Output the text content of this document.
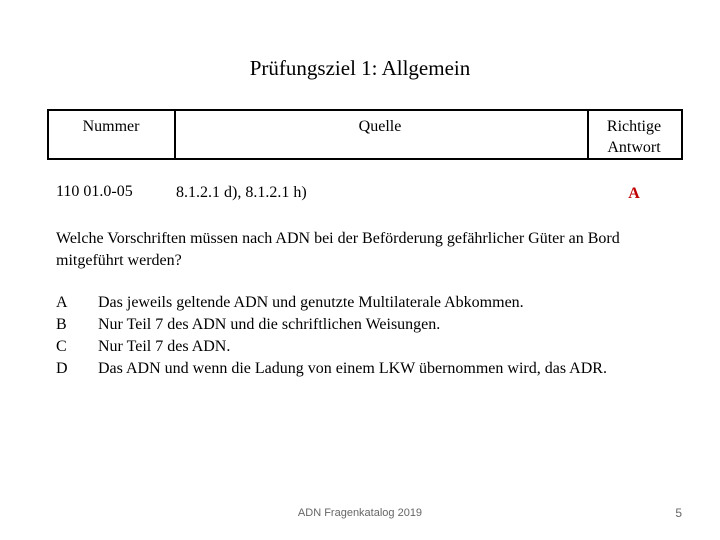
Prüfungsziel 1: Allgemein
Nummer	Quelle	Richtige
Antwort
110 01.0-05	8.1.2.1 d), 8.1.2.1 h)	A
Welche Vorschriften müssen nach ADN bei der Beförderung gefährlicher Güter an Bord mitgeführt werden?
A	Das jeweils geltende ADN und genutzte Multilaterale Abkommen.
B	Nur Teil 7 des ADN und die schriftlichen Weisungen.
C	Nur Teil 7 des ADN.
D	Das ADN und wenn die Ladung von einem LKW übernommen wird, das ADR.
ADN Fragenkatalog 2019	5
